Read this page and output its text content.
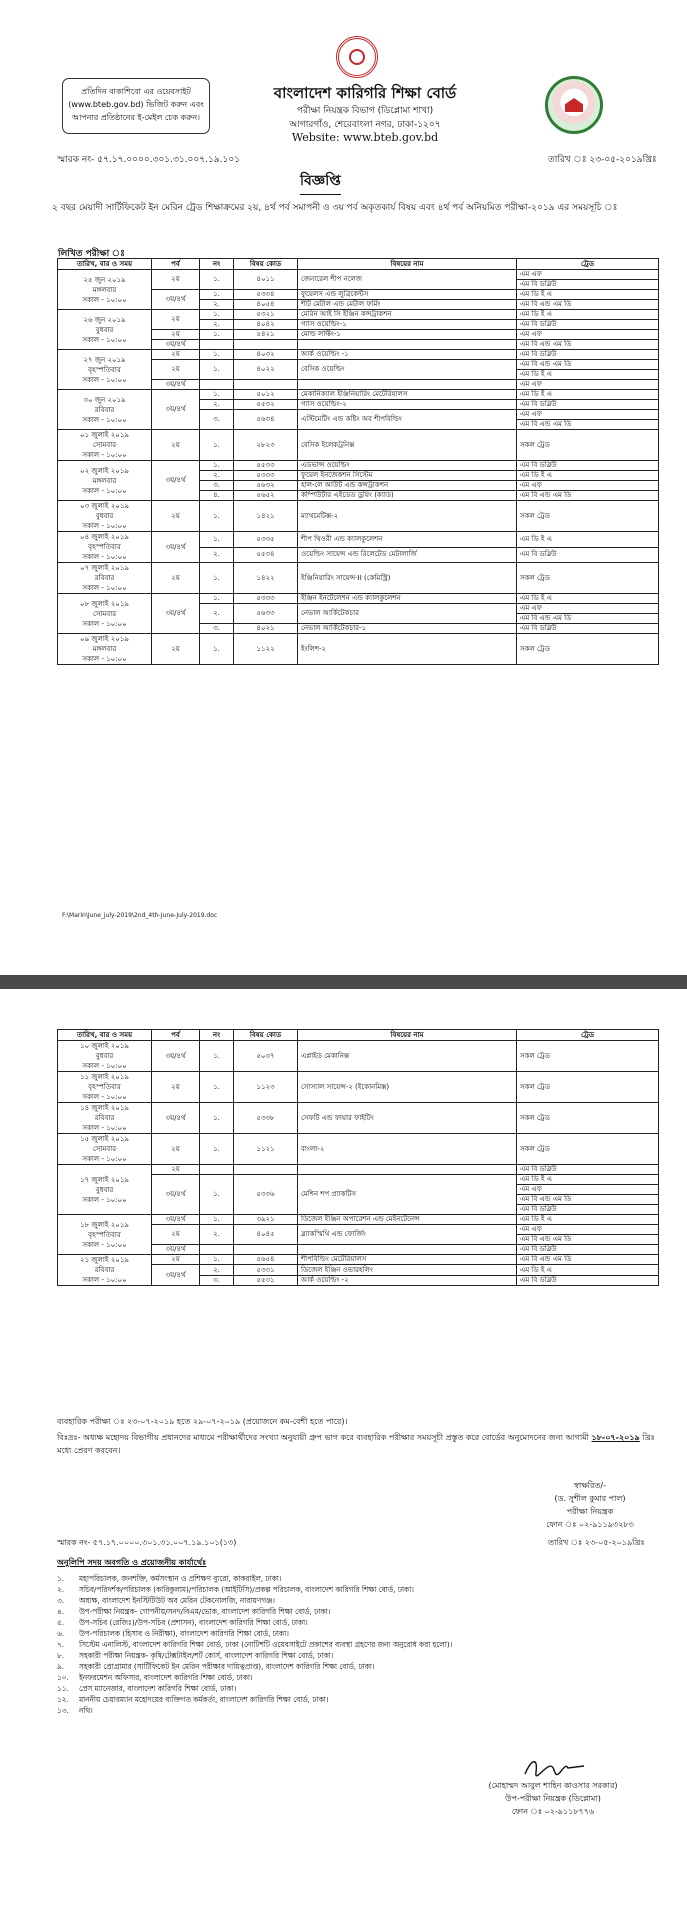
প্রতিদিন বাকাশিবো এর ওয়েবসাইট
(www.bteb.gov.bd) ভিজিট করুন এবং
আপনার প্রতিষ্ঠানের ই-মেইল চেক করুন।
বাংলাদেশ কারিগরি শিক্ষা বোর্ড
পরীক্ষা নিয়ন্ত্রক বিভাগ (ডিপ্লোমা শাখা)
আগারগাঁও, শেরেবাংলা নগর, ঢাকা-১২০৭
Website: www.bteb.gov.bd
স্মারক নং- ৫৭.১৭.০০০০.৩০১.৩১.০০৭.১৯.১০১	তারিখ ঃ ২৩-০৫-২০১৯খ্রিঃ
বিজ্ঞপ্তি
২ বছর মেয়াদী সার্টিফিকেট ইন মেরিন ট্রেড শিক্ষাক্রমের ২য়, ৪র্থ পর্ব সমাপনী ও ৩য় পর্ব অকৃতকার্য বিষয় এবং ৪র্থ পর্ব অনিয়মিত পরীক্ষা-২০১৯ এর সময়সূচি ঃ
লিখিত পরীক্ষা ঃ
তারিখ, বার ও সময়	পর্ব	নং	বিষয় কোড	বিষয়ের নাম	ট্রেড

২৫ জুন ২০১৯
মঙ্গলবার
সকাল - ১০:০০	২য়	১.	৪০১১	জেনারেল শীপ নলেজ	এম এফ
					এম বি ডব্লিউ
	৩য়/৪র্থ	১.	৫৩৩৪	ফুয়েলস এন্ড লুব্রিকেন্টস	এম ডি ই এ
		২.	৪০৫৪	শীট মেটাল এন্ড মেটাল ফর্মিং	এম বি এন্ড এম ডি

২৬ জুন ২০১৯
বুধবার
সকাল - ১০:০০	২য়	১.	৫৩২১	মেরিন আই সি ইঞ্জিন কন্সট্রাকশন	এম ডি ই এ
		২.	৪০৪২	গ্যাস ওয়েল্ডিং-১	এম বি ডব্লিউ
	২য়	১.	৫৪২১	মোল্ড লফ্টিং-১	এম এফ
	৩য়/৪র্থ				এম বি এন্ড এম ডি

২৭ জুন ২০১৯
বৃহস্পতিবার
সকাল - ১০:০০	২য়	১.	৪০৩২	আর্ক ওয়েল্ডিং -১	এম বি ডব্লিউ
	২য়	১.	৪০২২	বেসিক ওয়েল্ডিং	এম বি এন্ড এম ডি
					এম ডি ই এ
	৩য়/৪র্থ				এম এফ

৩০ জুন ২০১৯
রবিবার
সকাল - ১০:০০	৩য়/৪র্থ	১.	৫০১২	মেকানিক্যাল ইঞ্জিনিয়ারিং মেটেরিয়ালস	এম ডি ই এ
		২.	৫৫৩২	গ্যাস ওয়েল্ডিং-২	এম বি ডব্লিউ
		৩.	৫৬৩৪	এস্টিমেটিং এন্ড কষ্টিং অব শীপবিল্ডিং	এম এফ
					এম বি এন্ড এম ডি

০১ জুলাই ২০১৯
সোমবার
সকাল - ১০:০০	২য়	১.	২৮২৩	বেসিক ইলেকট্রনিক্স	সকল ট্রেড

০২ জুলাই ২০১৯
মঙ্গলবার
সকাল - ১০:০০	৩য়/৪র্থ	১.	৫৫৩৩	এডভান্স ওয়েল্ডিং	এম বি ডব্লিউ
		২.	৫৩৩৩	ফুয়েল ইনজেকশন সিস্টেম	এম ডি ই এ
		৩.	৫৬৩২	হাল-লে আউট এন্ড কন্সট্রাকশন	এম এফ
		৪.	৫৬৫২	কম্পিউটার এইডেড ড্রয়িং (ক্যাড)	এম বি এন্ড এম ডি

০৩ জুলাই ২০১৯
বুধবার
সকাল - ১০:০০	২য়	১.	১৪২১	ম্যাথমেটিক্স-২	সকল ট্রেড

০৪ জুলাই ২০১৯
বৃহস্পতিবার
সকাল - ১০:০০	৩য়/৪র্থ	১.	৫৩৩৫	শীপ থিওরী এন্ড ক্যালকুলেশন	এম ডি ই এ
		২.	৫৫৩৪	ওয়েল্ডিং সায়েন্স এন্ড রিলেটেড মেটালার্জি	এম বি ডব্লিউ

০৭ জুলাই ২০১৯
রবিবার
সকাল - ১০:০০	২য়	১.	১৪২২	ইঞ্জিনিয়ারিং সায়েন্স-II (কেমিস্ট্রি)	সকল ট্রেড

০৮ জুলাই ২০১৯
সোমবার
সকাল - ১০:০০	৩য়/৪র্থ	১.	৫৩৩৩	ইঞ্জিন ইনটেলেশন এন্ড ক্যালকুলেশন	এম ডি ই এ
		২.	৫৬৩৩	নেভাল আর্কিটেকচার	এম এফ
					এম বি এন্ড এম ডি
		৩.	৪০২১	নেভাল আর্কিটেকচার-১	এম বি ডব্লিউ

০৯ জুলাই ২০১৯
মঙ্গলবার
সকাল - ১০:০০	২য়	১.	১১২২	ইংলিশ-২	সকল ট্রেড
F:\Marin\June_july-2019\2nd_4th-June-July-2019.doc
তারিখ, বার ও সময়	পর্ব	নং	বিষয় কোড	বিষয়ের নাম	ট্রেড

১০ জুলাই ২০১৯
বুধবার
সকাল - ১০:০০	৩য়/৪র্থ	১.	৫০৩৭	এপ্লাইড মেকানিক্স	সকল ট্রেড

১১ জুলাই ২০১৯
বৃহস্পতিবার
সকাল - ১০:০০	২য়	১.	১১২৩	সোস্যাল সায়েন্স-২ (ইকোনমিক্স)	সকল ট্রেড

১৪ জুলাই ২০১৯
রবিবার
সকাল - ১০:০০	৩য়/৪র্থ	১.	৫৩৩৮	সেফটি এন্ড ফায়ার ফাইটিং	সকল ট্রেড

১৫ জুলাই ২০১৯
সোমবার
সকাল - ১০:০০	২য়	১.	১১২১	বাংলা-২	সকল ট্রেড

১৭ জুলাই ২০১৯
বুধবার
সকাল - ১০:০০	২য়				এম বি ডব্লিউ
	৩য়/৪র্থ	১.	৫৩৩৬	মেশিন শপ প্র্যাকটিস	এম ডি ই এ
					এম এফ
					এম বি এন্ড এম ডি
					এম বি ডব্লিউ

১৮ জুলাই ২০১৯
বৃহস্পতিবার
সকাল - ১০:০০	৩য়/৪র্থ	১.	৩৯২১	ডিজেল ইঞ্জিন অপারেশন এন্ড মেইনটেনেন্স	এম ডি ই এ
	২য়	২.	৪০৪৫	ব্ল্যাকস্মিথি এন্ড ফোর্জিং	এম এফ
					এম বি এন্ড এম ডি
	৩য়/৪র্থ				এম বি ডব্লিউ

২১ জুলাই ২০১৯
রবিবার
সকাল - ১০:০০	২য়	১.	৫৬৫৪	শীপবিল্ডিং মেটেরিয়ালস	এম বি এন্ড এম ডি
	৩য়/৪র্থ	২.	৫৩৩১	ডিজেল ইঞ্জিন ওভারহলিং	এম ডি ই এ
		৩.	৫৫৩১	আর্ক ওয়েল্ডিং -২	এম বি ডব্লিউ
ব্যবহারিক পরীক্ষা ঃ ২৩-০৭-২০১৯ হতে ২৯-০৭-২০১৯ (প্রয়োজনে কম-বেশী হতে পারে)।
বিঃদ্রঃ- অধ্যক্ষ মহোদয় বিভাগীয় প্রধানদের মাধ্যমে পরীক্ষার্থীদের সংখ্যা অনুযায়ী গ্রুপ ভাগ করে ব্যবহারিক পরীক্ষার সময়সূচী প্রস্তুত করে বোর্ডের অনুমোদনের জন্য আগামী ১৮-০৭-২০১৯ খ্রিঃ মধ্যে প্রেরণ করবেন।
স্বাক্ষরিত/-
(ড. সুশীল কুমার পাল)
পরীক্ষা নিয়ন্ত্রক
ফোন ঃ ০২-৯১১৯৩২৮৩
স্মারক নং- ৫৭.১৭.০০০০.৩০১.৩১.০০৭.১৯.১০১(১৩)	তারিখ ঃ ২৩-০৫-২০১৯খ্রিঃ
অনুলিপি সদয় অবগতি ও প্রয়োজনীয় কার্যার্থেঃ
১. মহাপরিচালক, জনশক্তি, কর্মসংস্থান ও প্রশিক্ষণ ব্যুরো, কাকরাইল, ঢাকা।
২. সচিব/পরিদর্শক/পরিচালক (কারিকুলাম)/পরিচালক (আইটিসি)/প্রকল্প পরিচালক, বাংলাদেশ কারিগরি শিক্ষা বোর্ড, ঢাকা।
৩. অধ্যক্ষ, বাংলাদেশ ইনস্টিটিউট অব মেরিন টেকনোলজি, নারায়ণগঞ্জ।
৪. উপ-পরীক্ষা নিয়ন্ত্রক- গোপনীয়/সনদ/বিএম/ভোক, বাংলাদেশ কারিগরি শিক্ষা বোর্ড, ঢাকা।
৫. উপ-সচিব (রেজিঃ)/উপ-সচিব (প্রশাসন), বাংলাদেশ কারিগরি শিক্ষা বোর্ড, ঢাকা।
৬. উপ-পরিচালক (হিসাব ও নিরীক্ষা), বাংলাদেশ কারিগরি শিক্ষা বোর্ড, ঢাকা।
৭. সিস্টেম এনালিস্ট, বাংলাদেশ কারিগরি শিক্ষা বোর্ড, ঢাকা (নোটিশটি ওয়েবসাইটে প্রকাশের ব্যবস্থা গ্রহণের জন্য অনুরোধ করা হলো)।
৮. সহকারী পরীক্ষা নিয়ন্ত্রক- কৃষি/টেক্সটাইল/শর্ট কোর্স, বাংলাদেশ কারিগরি শিক্ষা বোর্ড, ঢাকা।
৯. সহকারী প্রোগ্রামার (সার্টিফিকেট ইন মেরিন পরীক্ষার দায়িত্বপ্রাপ্ত), বাংলাদেশ কারিগরি শিক্ষা বোর্ড, ঢাকা।
১০. ইনফরমেশন অফিসার, বাংলাদেশ কারিগরি শিক্ষা বোর্ড, ঢাকা।
১১. প্রেস ম্যানেজার, বাংলাদেশ কারিগরি শিক্ষা বোর্ড, ঢাকা।
১২. মাননীয় চেয়ারম্যান মহোদয়ের ব্যক্তিগত কর্মকর্তা, বাংলাদেশ কারিগরি শিক্ষা বোর্ড, ঢাকা।
১৩. নথি।
(মোহাম্মদ আবুল শাহিন কাওসার সরকার)
উপ-পরীক্ষা নিয়ন্ত্রক (ডিপ্লোমা)
ফোন ঃ ০২-৯১১৮৭৭৬
